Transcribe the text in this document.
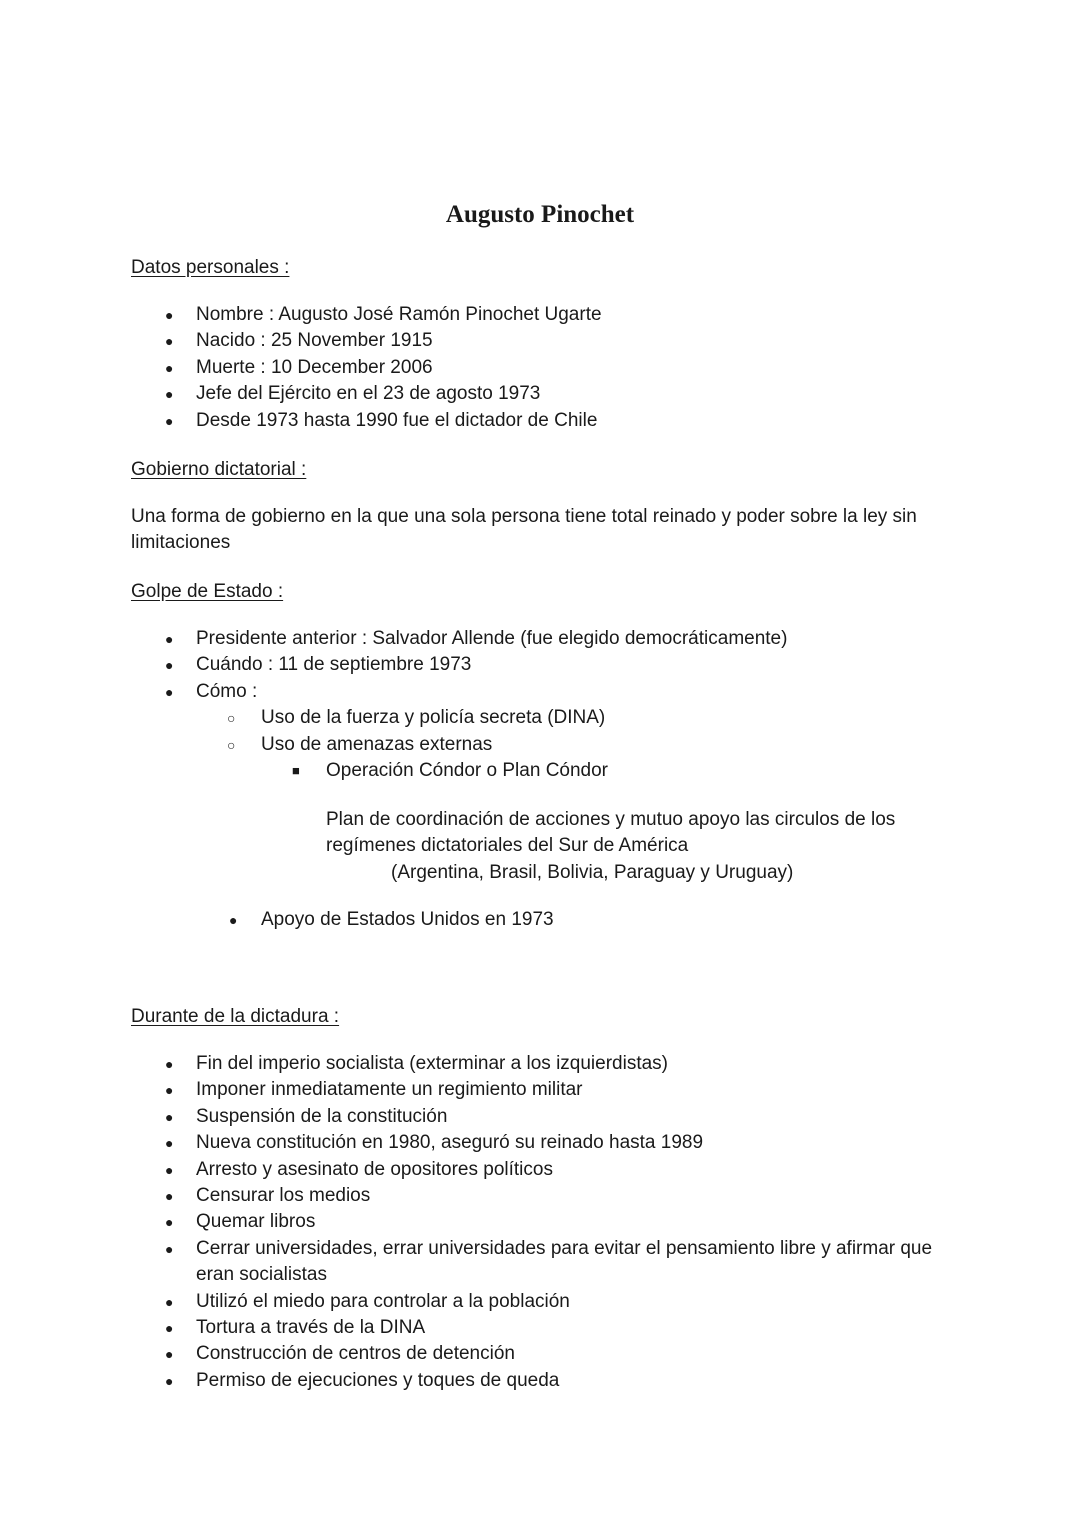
Augusto Pinochet

Datos personales :

● Nombre : Augusto José Ramón Pinochet Ugarte
● Nacido : 25 November 1915
● Muerte : 10 December 2006
● Jefe del Ejército en el 23 de agosto 1973
● Desde 1973 hasta 1990 fue el dictador de Chile

Gobierno dictatorial :

Una forma de gobierno en la que una sola persona tiene total reinado y poder sobre la ley sin limitaciones

Golpe de Estado :

● Presidente anterior : Salvador Allende (fue elegido democráticamente)
● Cuándo : 11 de septiembre 1973
● Cómo :
○ Uso de la fuerza y policía secreta (DINA)
○ Uso de amenazas externas
■ Operación Cóndor o Plan Cóndor

Plan de coordinación de acciones y mutuo apoyo las circulos de los regímenes dictatoriales del Sur de América

(Argentina, Brasil, Bolivia, Paraguay y Uruguay)

● Apoyo de Estados Unidos en 1973

Durante de la dictadura :

● Fin del imperio socialista (exterminar a los izquierdistas)
● Imponer inmediatamente un regimiento militar
● Suspensión de la constitución
● Nueva constitución en 1980, aseguró su reinado hasta 1989
● Arresto y asesinato de opositores políticos
● Censurar los medios
● Quemar libros
● Cerrar universidades, errar universidades para evitar el pensamiento libre y afirmar que eran socialistas
● Utilizó el miedo para controlar a la población
● Tortura a través de la DINA
● Construcción de centros de detención
● Permiso de ejecuciones y toques de queda
